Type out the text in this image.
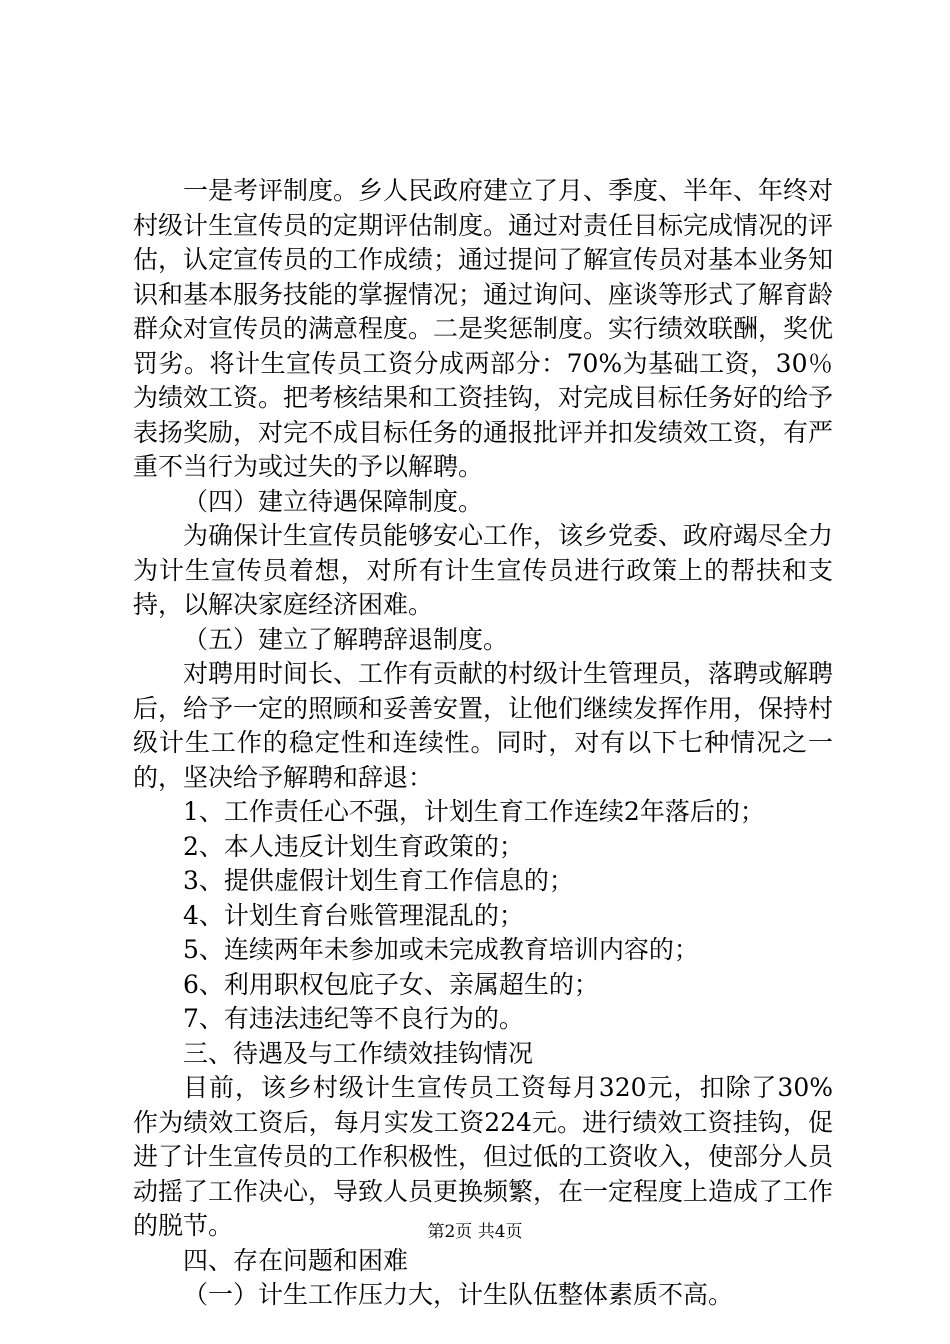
一是考评制度。乡人民政府建立了月、季度、半年、年终对村级计生宣传员的定期评估制度。通过对责任目标完成情况的评估，认定宣传员的工作成绩；通过提问了解宣传员对基本业务知识和基本服务技能的掌握情况；通过询问、座谈等形式了解育龄群众对宣传员的满意程度。二是奖惩制度。实行绩效联酬，奖优罚劣。将计生宣传员工资分成两部分：70%为基础工资，30％为绩效工资。把考核结果和工资挂钩，对完成目标任务好的给予表扬奖励，对完不成目标任务的通报批评并扣发绩效工资，有严重不当行为或过失的予以解聘。

（四）建立待遇保障制度。

为确保计生宣传员能够安心工作，该乡党委、政府竭尽全力为计生宣传员着想，对所有计生宣传员进行政策上的帮扶和支持，以解决家庭经济困难。

（五）建立了解聘辞退制度。

对聘用时间长、工作有贡献的村级计生管理员，落聘或解聘后，给予一定的照顾和妥善安置，让他们继续发挥作用，保持村级计生工作的稳定性和连续性。同时，对有以下七种情况之一的，坚决给予解聘和辞退：

1、工作责任心不强，计划生育工作连续2年落后的；

2、本人违反计划生育政策的；

3、提供虚假计划生育工作信息的；

4、计划生育台账管理混乱的；

5、连续两年未参加或未完成教育培训内容的；

6、利用职权包庇子女、亲属超生的；

7、有违法违纪等不良行为的。

三、待遇及与工作绩效挂钩情况

目前，该乡村级计生宣传员工资每月320元，扣除了30%作为绩效工资后，每月实发工资224元。进行绩效工资挂钩，促进了计生宣传员的工作积极性，但过低的工资收入，使部分人员动摇了工作决心，导致人员更换频繁，在一定程度上造成了工作的脱节。

四、存在问题和困难

（一）计生工作压力大，计生队伍整体素质不高。

第2页 共4页
